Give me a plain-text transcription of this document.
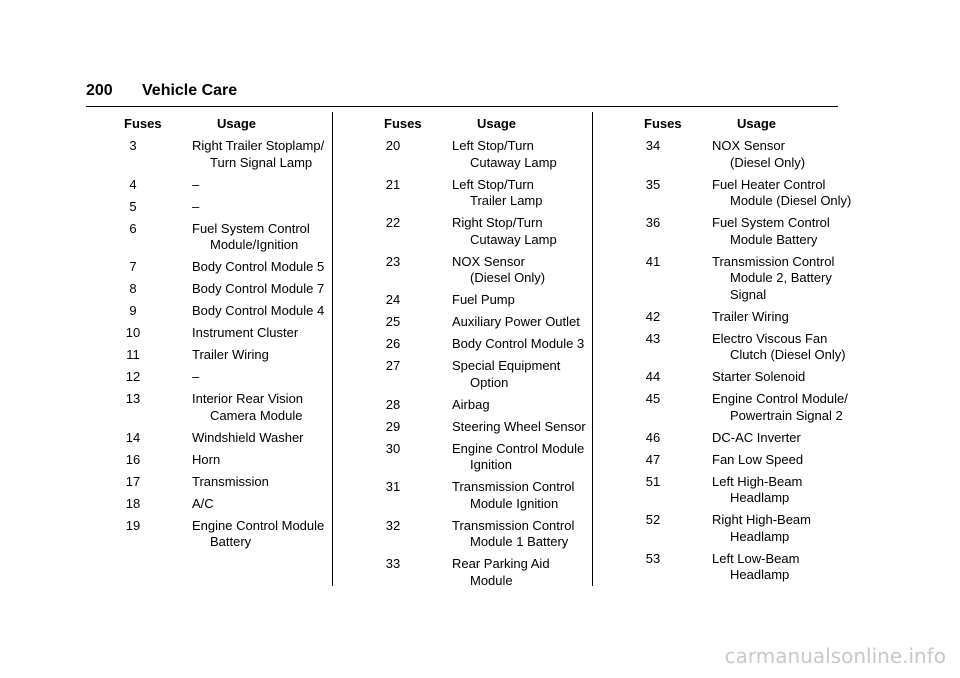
200 Vehicle Care
Fuses	Usage
3	Right Trailer Stoplamp/
Turn Signal Lamp
4	–
5	–
6	Fuel System Control
Module/Ignition
7	Body Control Module 5
8	Body Control Module 7
9	Body Control Module 4
10	Instrument Cluster
11	Trailer Wiring
12	–
13	Interior Rear Vision
Camera Module
14	Windshield Washer
16	Horn
17	Transmission
18	A/C
19	Engine Control Module
Battery
Fuses	Usage
20	Left Stop/Turn
Cutaway Lamp
21	Left Stop/Turn
Trailer Lamp
22	Right Stop/Turn
Cutaway Lamp
23	NOX Sensor
(Diesel Only)
24	Fuel Pump
25	Auxiliary Power Outlet
26	Body Control Module 3
27	Special Equipment
Option
28	Airbag
29	Steering Wheel Sensor
30	Engine Control Module
Ignition
31	Transmission Control
Module Ignition
32	Transmission Control
Module 1 Battery
33	Rear Parking Aid
Module
Fuses	Usage
34	NOX Sensor
(Diesel Only)
35	Fuel Heater Control
Module (Diesel Only)
36	Fuel System Control
Module Battery
41	Transmission Control
Module 2, Battery
Signal
42	Trailer Wiring
43	Electro Viscous Fan
Clutch (Diesel Only)
44	Starter Solenoid
45	Engine Control Module/
Powertrain Signal 2
46	DC-AC Inverter
47	Fan Low Speed
51	Left High-Beam
Headlamp
52	Right High-Beam
Headlamp
53	Left Low-Beam
Headlamp
carmanualsonline.info
